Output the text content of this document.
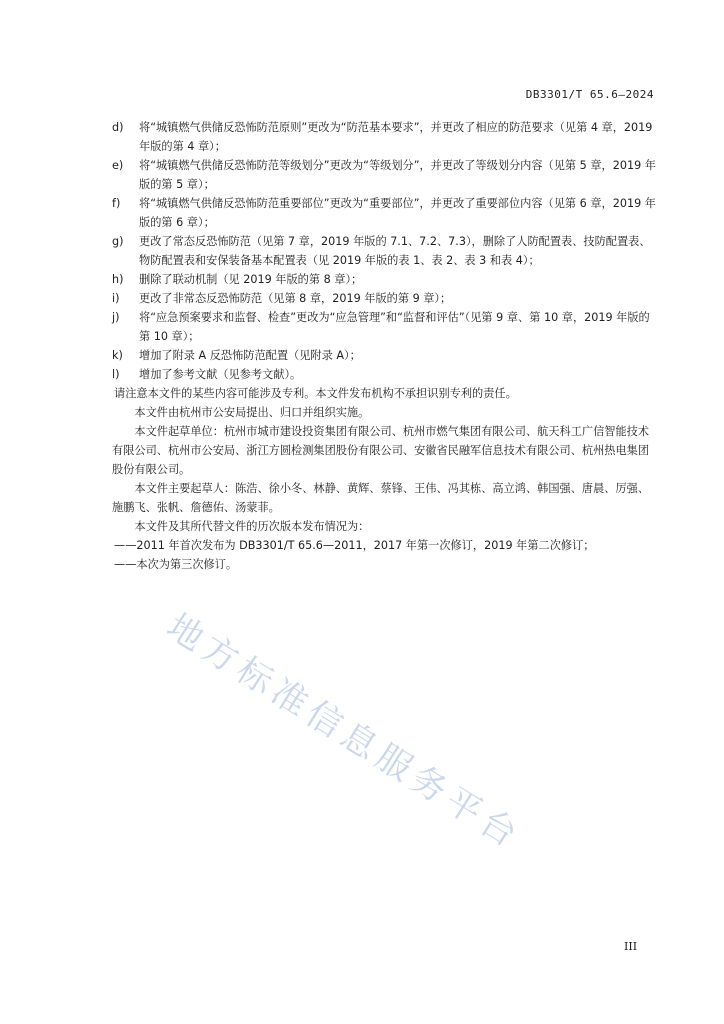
DB3301/T 65.6—2024
d) 将“城镇燃气供储反恐怖防范原则”更改为“防范基本要求”，并更改了相应的防范要求（见第 4 章，2019 年版的第 4 章）；
e) 将“城镇燃气供储反恐怖防范等级划分”更改为“等级划分”，并更改了等级划分内容（见第 5 章，2019 年版的第 5 章）；
f) 将“城镇燃气供储反恐怖防范重要部位”更改为“重要部位”，并更改了重要部位内容（见第 6 章，2019 年版的第 6 章）；
g) 更改了常态反恐怖防范（见第 7 章，2019 年版的 7.1、7.2、7.3），删除了人防配置表、技防配置表、物防配置表和安保装备基本配置表（见 2019 年版的表 1、表 2、表 3 和表 4）；
h) 删除了联动机制（见 2019 年版的第 8 章）；
i) 更改了非常态反恐怖防范（见第 8 章，2019 年版的第 9 章）；
j) 将“应急预案要求和监督、检查”更改为“应急管理”和“监督和评估”（见第 9 章、第 10 章，2019 年版的第 10 章）；
k) 增加了附录 A 反恐怖防范配置（见附录 A）；
l) 增加了参考文献（见参考文献）。
请注意本文件的某些内容可能涉及专利。本文件发布机构不承担识别专利的责任。
本文件由杭州市公安局提出、归口并组织实施。
本文件起草单位：杭州市城市建设投资集团有限公司、杭州市燃气集团有限公司、航天科工广信智能技术有限公司、杭州市公安局、浙江方圆检测集团股份有限公司、安徽省民融军信息技术有限公司、杭州热电集团股份有限公司。
本文件主要起草人：陈浩、徐小冬、林静、黄辉、蔡锋、王伟、冯其栋、高立鸿、韩国强、唐晨、厉强、施鹏飞、张帆、詹德佑、汤蒙菲。
本文件及其所代替文件的历次版本发布情况为：
——2011 年首次发布为 DB3301/T 65.6—2011，2017 年第一次修订，2019 年第二次修订；
——本次为第三次修订。
地方标准信息服务平台
III
